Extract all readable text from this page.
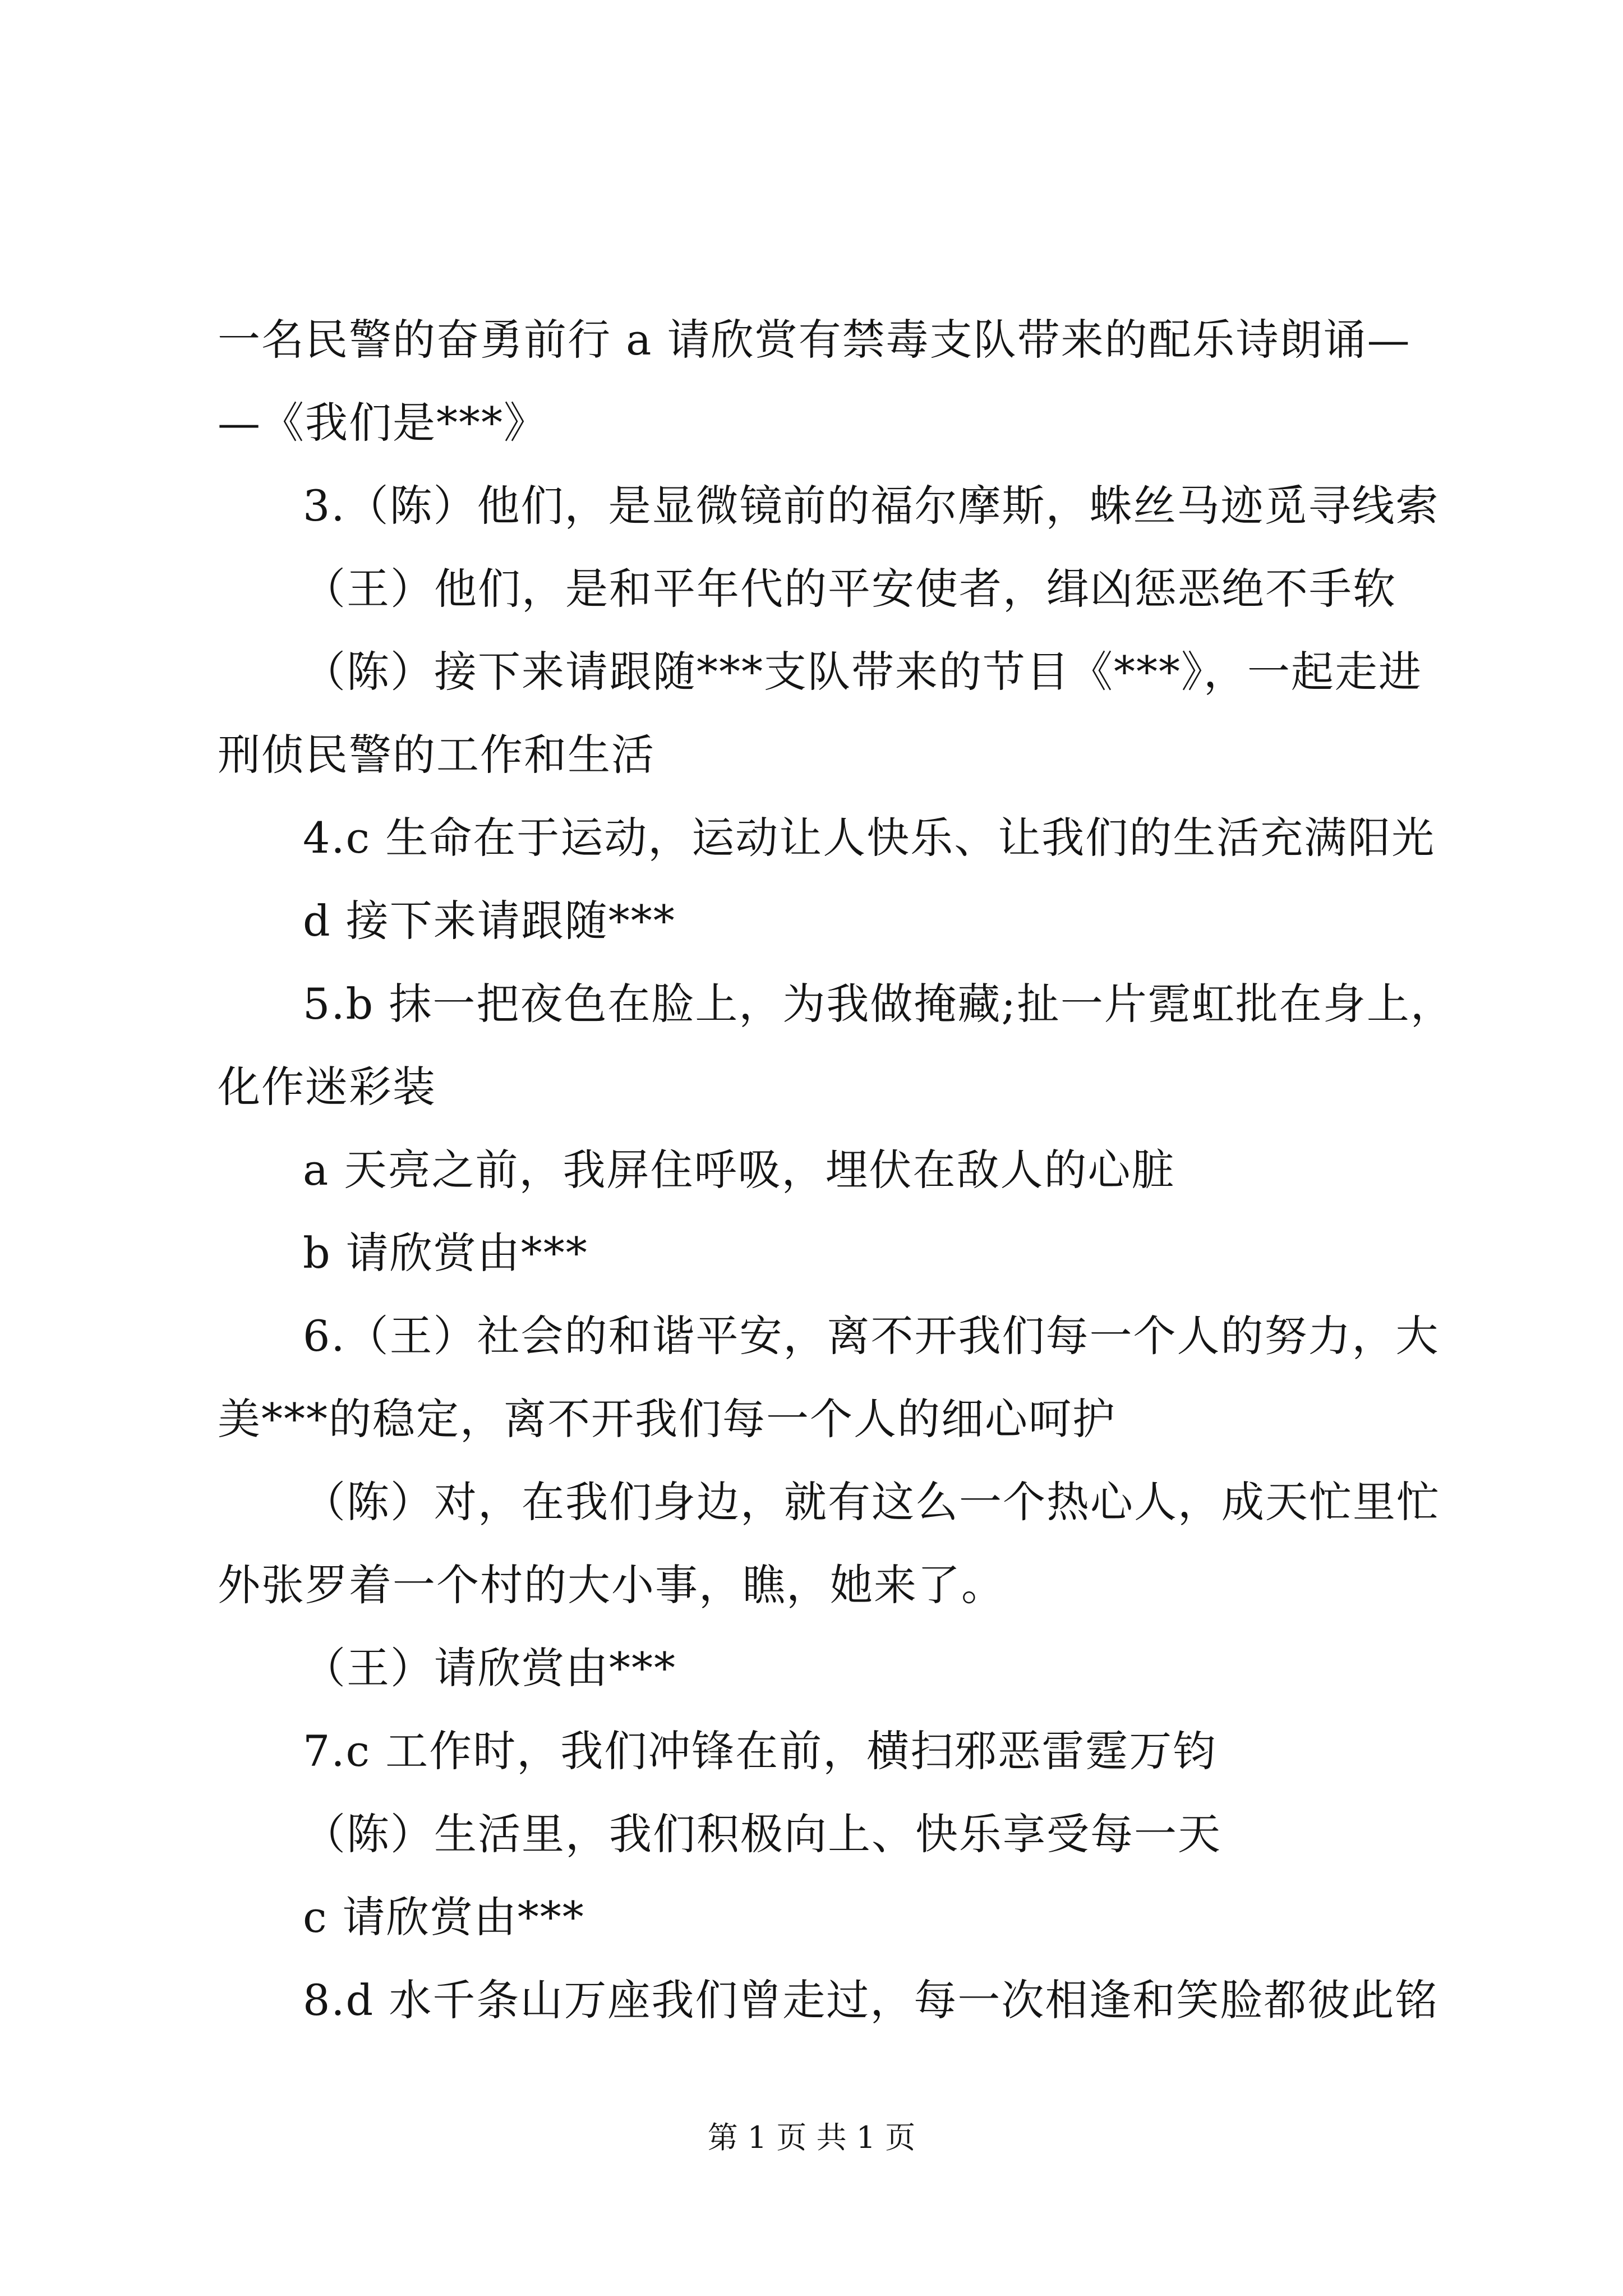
一名民警的奋勇前行 a 请欣赏有禁毒支队带来的配乐诗朗诵—
—《我们是***》
3.（陈）他们，是显微镜前的福尔摩斯，蛛丝马迹觅寻线索
（王）他们，是和平年代的平安使者，缉凶惩恶绝不手软
（陈）接下来请跟随***支队带来的节目《***》，一起走进
刑侦民警的工作和生活
4.c 生命在于运动，运动让人快乐、让我们的生活充满阳光
d 接下来请跟随***
5.b 抹一把夜色在脸上，为我做掩藏;扯一片霓虹批在身上，
化作迷彩装
a 天亮之前，我屏住呼吸，埋伏在敌人的心脏
b 请欣赏由***
6.（王）社会的和谐平安，离不开我们每一个人的努力，大
美***的稳定，离不开我们每一个人的细心呵护
（陈）对，在我们身边，就有这么一个热心人，成天忙里忙
外张罗着一个村的大小事，瞧，她来了。
（王）请欣赏由***
7.c 工作时，我们冲锋在前，横扫邪恶雷霆万钧
（陈）生活里，我们积极向上、快乐享受每一天
c 请欣赏由***
8.d 水千条山万座我们曾走过，每一次相逢和笑脸都彼此铭
第 1 页 共 1 页
